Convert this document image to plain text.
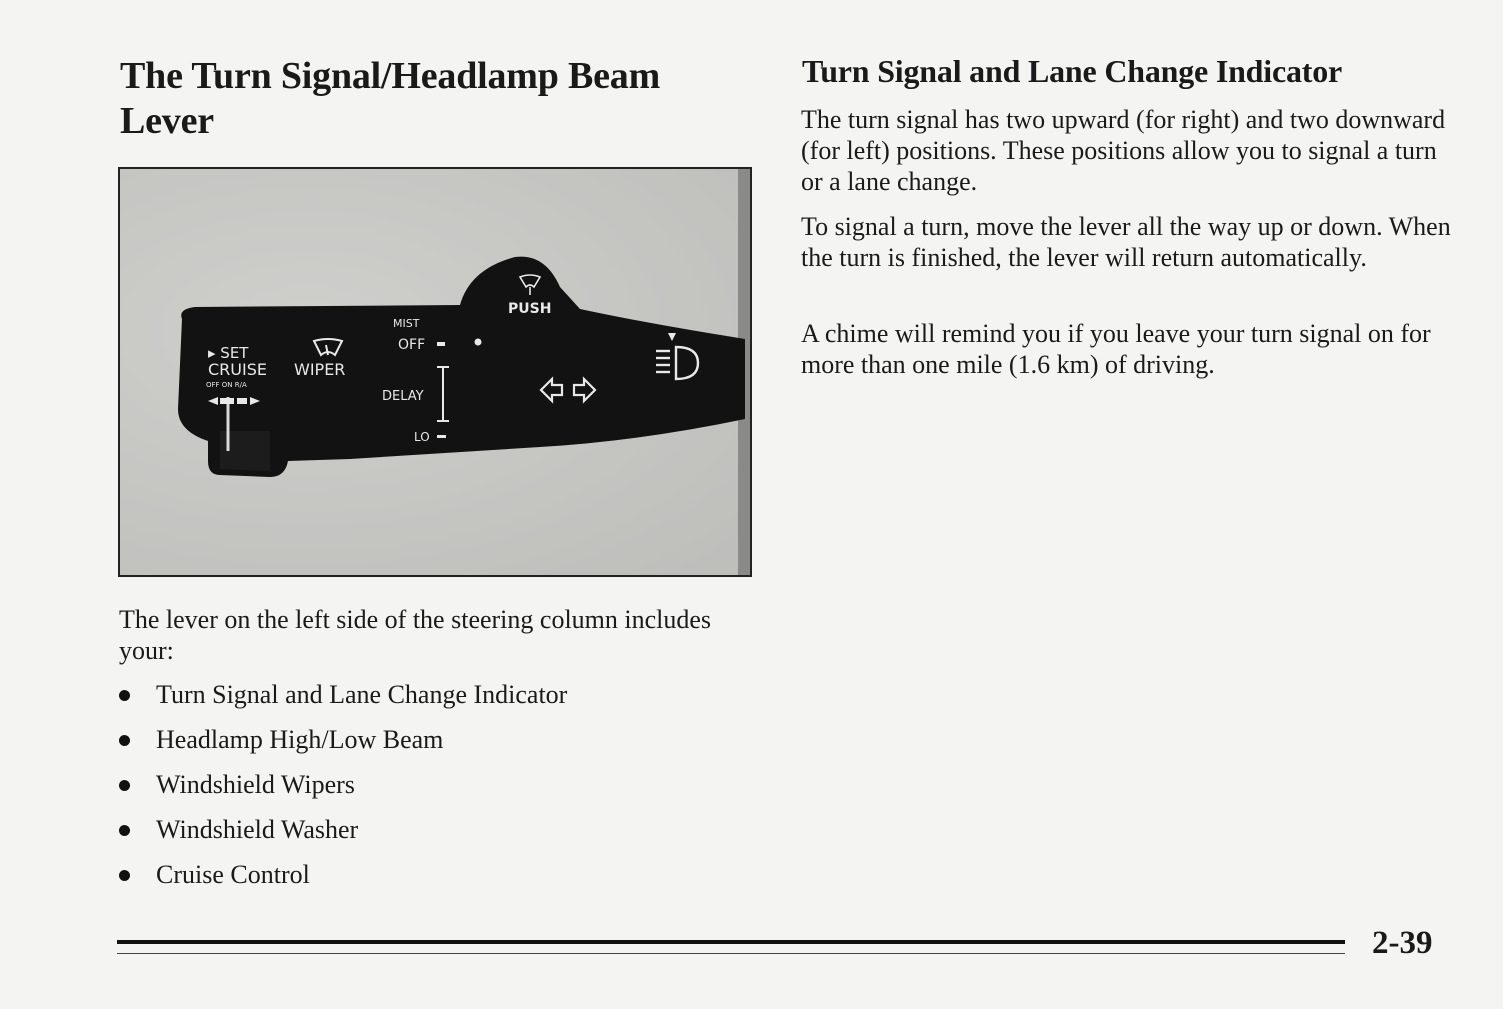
The Turn Signal/Headlamp Beam Lever
▸ SET
CRUISE
OFF ON R/A
WIPER
MIST
OFF
DELAY
LO
PUSH

The lever on the left side of the steering column includes your:

Turn Signal and Lane Change Indicator
Headlamp High/Low Beam
Windshield Wipers
Windshield Washer
Cruise Control
Turn Signal and Lane Change Indicator

The turn signal has two upward (for right) and two downward (for left) positions. These positions allow you to signal a turn or a lane change.

To signal a turn, move the lever all the way up or down. When the turn is finished, the lever will return automatically.

A chime will remind you if you leave your turn signal on for more than one mile (1.6 km) of driving.

2-39
